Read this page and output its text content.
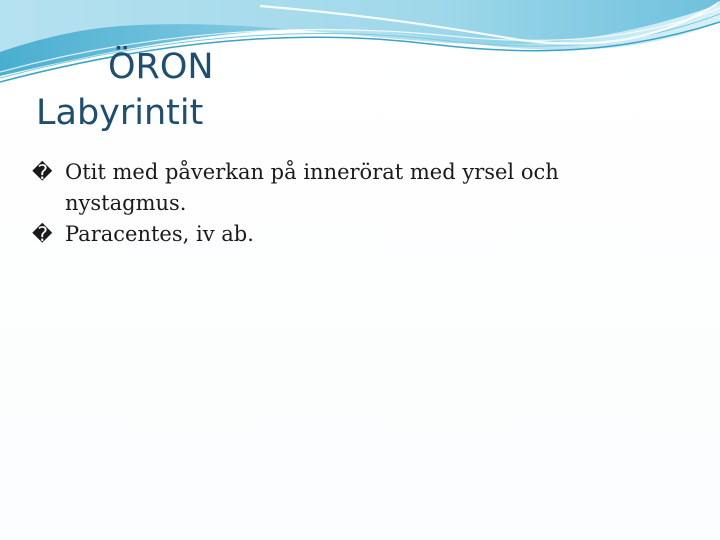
ÖRON
Labyrintit
� Otit med påverkan på innerörat med yrsel och nystagmus.
� Paracentes, iv ab.
